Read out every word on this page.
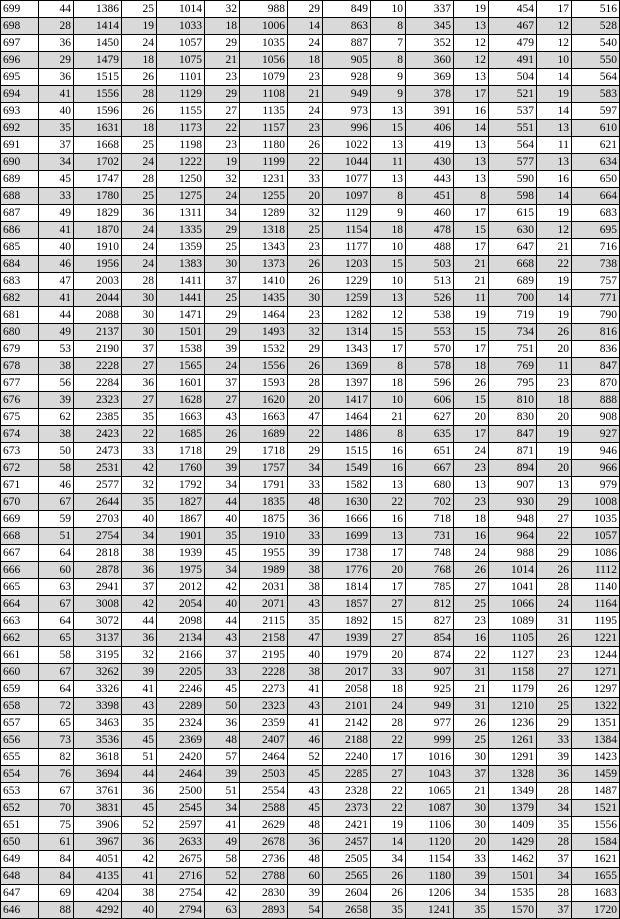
699	44	1386	25	1014	32	988	29	849	10	337	19	454	17	516
698	28	1414	19	1033	18	1006	14	863	8	345	13	467	12	528
697	36	1450	24	1057	29	1035	24	887	7	352	12	479	12	540
696	29	1479	18	1075	21	1056	18	905	8	360	12	491	10	550
695	36	1515	26	1101	23	1079	23	928	9	369	13	504	14	564
694	41	1556	28	1129	29	1108	21	949	9	378	17	521	19	583
693	40	1596	26	1155	27	1135	24	973	13	391	16	537	14	597
692	35	1631	18	1173	22	1157	23	996	15	406	14	551	13	610
691	37	1668	25	1198	23	1180	26	1022	13	419	13	564	11	621
690	34	1702	24	1222	19	1199	22	1044	11	430	13	577	13	634
689	45	1747	28	1250	32	1231	33	1077	13	443	13	590	16	650
688	33	1780	25	1275	24	1255	20	1097	8	451	8	598	14	664
687	49	1829	36	1311	34	1289	32	1129	9	460	17	615	19	683
686	41	1870	24	1335	29	1318	25	1154	18	478	15	630	12	695
685	40	1910	24	1359	25	1343	23	1177	10	488	17	647	21	716
684	46	1956	24	1383	30	1373	26	1203	15	503	21	668	22	738
683	47	2003	28	1411	37	1410	26	1229	10	513	21	689	19	757
682	41	2044	30	1441	25	1435	30	1259	13	526	11	700	14	771
681	44	2088	30	1471	29	1464	23	1282	12	538	19	719	19	790
680	49	2137	30	1501	29	1493	32	1314	15	553	15	734	26	816
679	53	2190	37	1538	39	1532	29	1343	17	570	17	751	20	836
678	38	2228	27	1565	24	1556	26	1369	8	578	18	769	11	847
677	56	2284	36	1601	37	1593	28	1397	18	596	26	795	23	870
676	39	2323	27	1628	27	1620	20	1417	10	606	15	810	18	888
675	62	2385	35	1663	43	1663	47	1464	21	627	20	830	20	908
674	38	2423	22	1685	26	1689	22	1486	8	635	17	847	19	927
673	50	2473	33	1718	29	1718	29	1515	16	651	24	871	19	946
672	58	2531	42	1760	39	1757	34	1549	16	667	23	894	20	966
671	46	2577	32	1792	34	1791	33	1582	13	680	13	907	13	979
670	67	2644	35	1827	44	1835	48	1630	22	702	23	930	29	1008
669	59	2703	40	1867	40	1875	36	1666	16	718	18	948	27	1035
668	51	2754	34	1901	35	1910	33	1699	13	731	16	964	22	1057
667	64	2818	38	1939	45	1955	39	1738	17	748	24	988	29	1086
666	60	2878	36	1975	34	1989	38	1776	20	768	26	1014	26	1112
665	63	2941	37	2012	42	2031	38	1814	17	785	27	1041	28	1140
664	67	3008	42	2054	40	2071	43	1857	27	812	25	1066	24	1164
663	64	3072	44	2098	44	2115	35	1892	15	827	23	1089	31	1195
662	65	3137	36	2134	43	2158	47	1939	27	854	16	1105	26	1221
661	58	3195	32	2166	37	2195	40	1979	20	874	22	1127	23	1244
660	67	3262	39	2205	33	2228	38	2017	33	907	31	1158	27	1271
659	64	3326	41	2246	45	2273	41	2058	18	925	21	1179	26	1297
658	72	3398	43	2289	50	2323	43	2101	24	949	31	1210	25	1322
657	65	3463	35	2324	36	2359	41	2142	28	977	26	1236	29	1351
656	73	3536	45	2369	48	2407	46	2188	22	999	25	1261	33	1384
655	82	3618	51	2420	57	2464	52	2240	17	1016	30	1291	39	1423
654	76	3694	44	2464	39	2503	45	2285	27	1043	37	1328	36	1459
653	67	3761	36	2500	51	2554	43	2328	22	1065	21	1349	28	1487
652	70	3831	45	2545	34	2588	45	2373	22	1087	30	1379	34	1521
651	75	3906	52	2597	41	2629	48	2421	19	1106	30	1409	35	1556
650	61	3967	36	2633	49	2678	36	2457	14	1120	20	1429	28	1584
649	84	4051	42	2675	58	2736	48	2505	34	1154	33	1462	37	1621
648	84	4135	41	2716	52	2788	60	2565	26	1180	39	1501	34	1655
647	69	4204	38	2754	42	2830	39	2604	26	1206	34	1535	28	1683
646	88	4292	40	2794	63	2893	54	2658	35	1241	35	1570	37	1720
